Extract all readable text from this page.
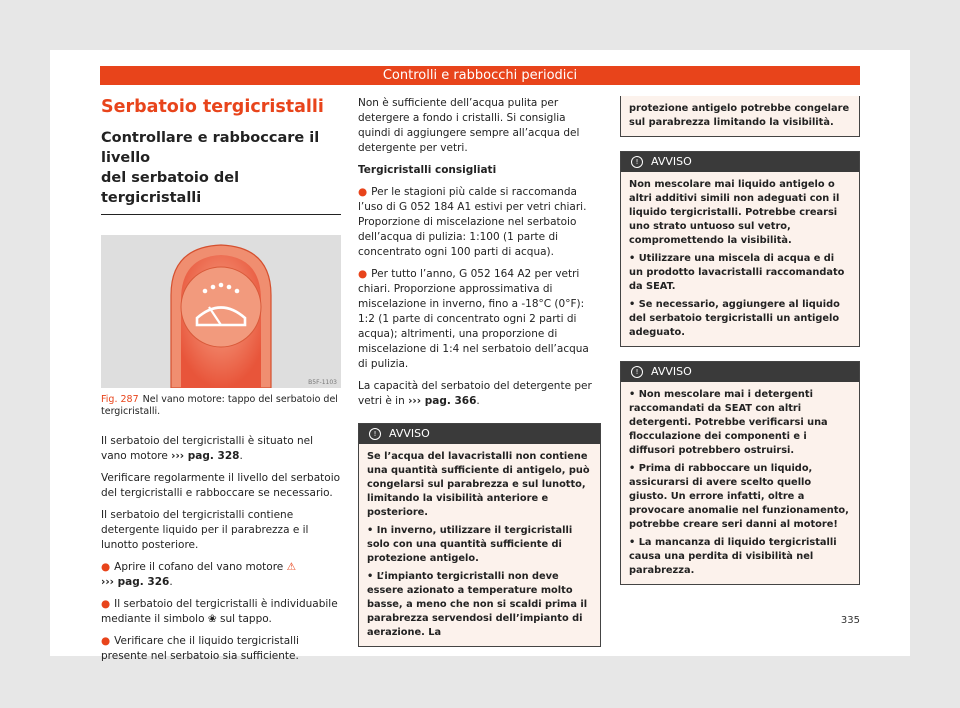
Controlli e rabbocchi periodici
Serbatoio tergicristalli
Controllare e rabboccare il livello
del serbatoio del tergicristalli
B5F-1103
Fig. 287 Nel vano motore: tappo del serbatoio del tergicristalli.

Il serbatoio del tergicristalli è situato nel vano motore ››› pag. 328.

Verificare regolarmente il livello del serbatoio del tergicristalli e rabboccare se necessario.

Il serbatoio del tergicristalli contiene detergente liquido per il parabrezza e il lunotto posteriore.

● Aprire il cofano del vano motore ⚠
››› pag. 326.

● Il serbatoio del tergicristalli è individuabile mediante il simbolo ❀ sul tappo.

● Verificare che il liquido tergicristalli presente nel serbatoio sia sufficiente.

Non è sufficiente dell’acqua pulita per detergere a fondo i cristalli. Si consiglia quindi di aggiungere sempre all’acqua del detergente per vetri.

Tergicristalli consigliati

● Per le stagioni più calde si raccomanda l’uso di G 052 184 A1 estivi per vetri chiari. Proporzione di miscelazione nel serbatoio dell’acqua di pulizia: 1:100 (1 parte di concentrato ogni 100 parti di acqua).

● Per tutto l’anno, G 052 164 A2 per vetri chiari. Proporzione approssimativa di miscelazione in inverno, fino a -18°C (0°F): 1:2 (1 parte di concentrato ogni 2 parti di acqua); altrimenti, una proporzione di miscelazione di 1:4 nel serbatoio dell’acqua di pulizia.

La capacità del serbatoio del detergente per vetri è in ››› pag. 366.

! AVVISO
Se l’acqua del lavacristalli non contiene una quantità sufficiente di antigelo, può congelarsi sul parabrezza e sul lunotto, limitando la visibilità anteriore e posteriore.
• In inverno, utilizzare il tergicristalli solo con una quantità sufficiente di protezione antigelo.
• L’impianto tergicristalli non deve essere azionato a temperature molto basse, a meno che non si scaldi prima il parabrezza servendosi dell’impianto di aerazione. La
protezione antigelo potrebbe congelare sul parabrezza limitando la visibilità.
! AVVISO
Non mescolare mai liquido antigelo o altri additivi simili non adeguati con il liquido tergicristalli. Potrebbe crearsi uno strato untuoso sul vetro, compromettendo la visibilità.
• Utilizzare una miscela di acqua e di un prodotto lavacristalli raccomandato da SEAT.
• Se necessario, aggiungere al liquido del serbatoio tergicristalli un antigelo adeguato.
! AVVISO
• Non mescolare mai i detergenti raccomandati da SEAT con altri detergenti. Potrebbe verificarsi una flocculazione dei componenti e i diffusori potrebbero ostruirsi.
• Prima di rabboccare un liquido, assicurarsi di avere scelto quello giusto. Un errore infatti, oltre a provocare anomalie nel funzionamento, potrebbe creare seri danni al motore!
• La mancanza di liquido tergicristalli causa una perdita di visibilità nel parabrezza.
335
